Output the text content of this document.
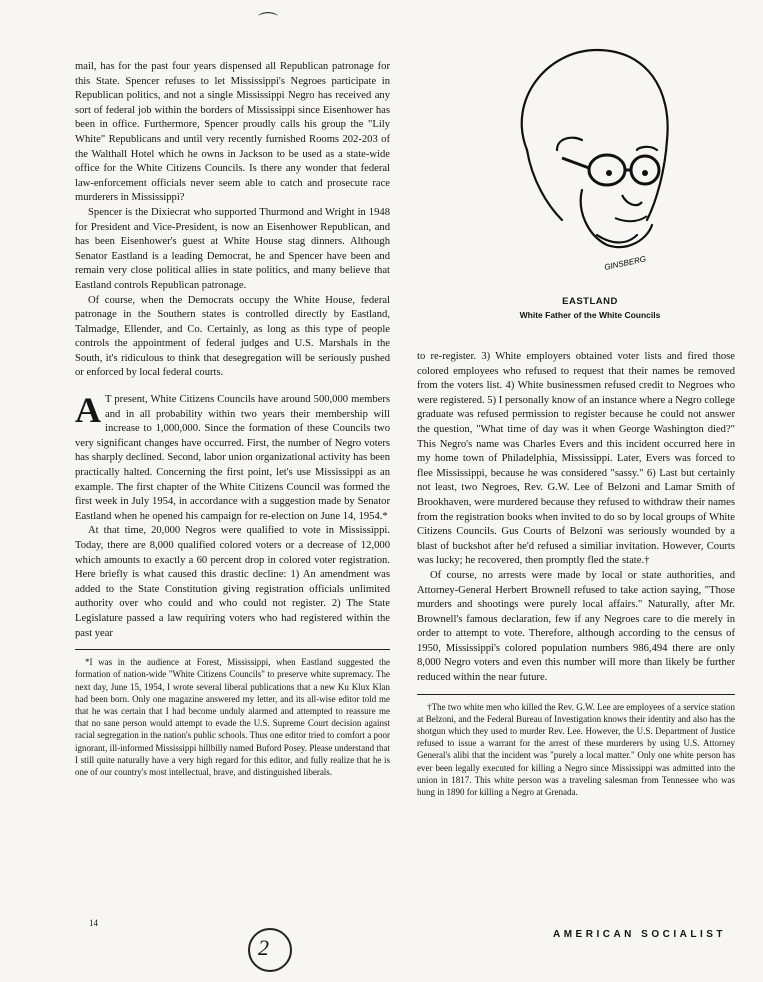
⌒

mail, has for the past four years dispensed all Republican patronage for this State. Spencer refuses to let Mississippi's Negroes participate in Republican politics, and not a single Mississippi Negro has received any sort of federal job within the borders of Mississippi since Eisenhower has been in office. Furthermore, Spencer proudly calls his group the "Lily White" Republicans and until very recently furnished Rooms 202-203 of the Walthall Hotel which he owns in Jackson to be used as a state-wide office for the White Citizens Councils. Is there any wonder that federal law-enforcement officials never seem able to catch and prosecute race murderers in Mississippi?

Spencer is the Dixiecrat who supported Thurmond and Wright in 1948 for President and Vice-President, is now an Eisenhower Republican, and has been Eisenhower's guest at White House stag dinners. Although Senator Eastland is a leading Democrat, he and Spencer have been and remain very close political allies in state politics, and many believe that Eastland controls Republican patronage.

Of course, when the Democrats occupy the White House, federal patronage in the Southern states is controlled directly by Eastland, Talmadge, Ellender, and Co. Certainly, as long as this type of people controls the appointment of federal judges and U.S. Marshals in the South, it's ridiculous to think that desegregation will be seriously pushed or enforced by local federal courts.

A T present, White Citizens Councils have around 500,000 members and in all probability within two years their membership will increase to 1,000,000. Since the formation of these Councils two very significant changes have occurred. First, the number of Negro voters has sharply declined. Second, labor union organizational activity has been practically halted. Concerning the first point, let's use Mississippi as an example. The first chapter of the White Citizens Council was formed the first week in July 1954, in accordance with a suggestion made by Senator Eastland when he opened his campaign for re-election on June 14, 1954.*

At that time, 20,000 Negros were qualified to vote in Mississippi. Today, there are 8,000 qualified colored voters or a decrease of 12,000 which amounts to exactly a 60 percent drop in colored voter registration. Here briefly is what caused this drastic decline: 1) An amendment was added to the State Constitution giving registration officials unlimited authority over who could and who could not register. 2) The State Legislature passed a law requiring voters who had registered within the past year

*I was in the audience at Forest, Mississippi, when Eastland suggested the formation of nation-wide "White Citizens Councils" to preserve white supremacy. The next day, June 15, 1954, I wrote several liberal publications that a new Ku Klux Klan had been born. Only one magazine answered my letter, and its all-wise editor told me that he was certain that I had become unduly alarmed and attempted to reassure me that no sane person would attempt to evade the U.S. Supreme Court decision against racial segregation in the nation's public schools. Thus one editor tried to comfort a poor ignorant, ill-informed Mississippi hillbilly named Buford Posey. Please understand that I still quite naturally have a very high regard for this editor, and fully realize that he is one of our country's most intellectual, brave, and distinguished liberals.

GINSBERG
EASTLAND
White Father of the White Councils

to re-register. 3) White employers obtained voter lists and fired those colored employees who refused to request that their names be removed from the voters list. 4) White businessmen refused credit to Negroes who were registered. 5) I personally know of an instance where a Negro college graduate was refused permission to register because he could not answer the question, "What time of day was it when George Washington died?" This Negro's name was Charles Evers and this incident occurred here in my home town of Philadelphia, Mississippi. Later, Evers was forced to flee Mississippi, because he was considered "sassy." 6) Last but certainly not least, two Negroes, Rev. G.W. Lee of Belzoni and Lamar Smith of Brookhaven, were murdered because they refused to withdraw their names from the registration books when invited to do so by local groups of White Citizens Councils. Gus Courts of Belzoni was seriously wounded by a blast of buckshot after he'd refused a similiar invitation. However, Courts was lucky; he recovered, then promptly fled the state.†

Of course, no arrests were made by local or state authorities, and Attorney-General Herbert Brownell refused to take action saying, "Those murders and shootings were purely local affairs." Naturally, after Mr. Brownell's famous declaration, few if any Negroes care to die merely in order to attempt to vote. Therefore, although according to the census of 1950, Mississippi's colored population numbers 986,494 there are only 8,000 Negro voters and even this number will more than likely be further reduced within the near future.

†The two white men who killed the Rev. G.W. Lee are employees of a service station at Belzoni, and the Federal Bureau of Investigation knows their identity and also has the shotgun which they used to murder Rev. Lee. However, the U.S. Department of Justice refused to issue a warrant for the arrest of these murderers by using U.S. Attorney General's alibi that the incident was "purely a local matter." Only one white person has ever been legally executed for killing a Negro since Mississippi was admitted into the union in 1817. This white person was a traveling salesman from Tennessee who was hung in 1890 for killing a Negro at Grenada.

14
2
AMERICAN SOCIALIST
